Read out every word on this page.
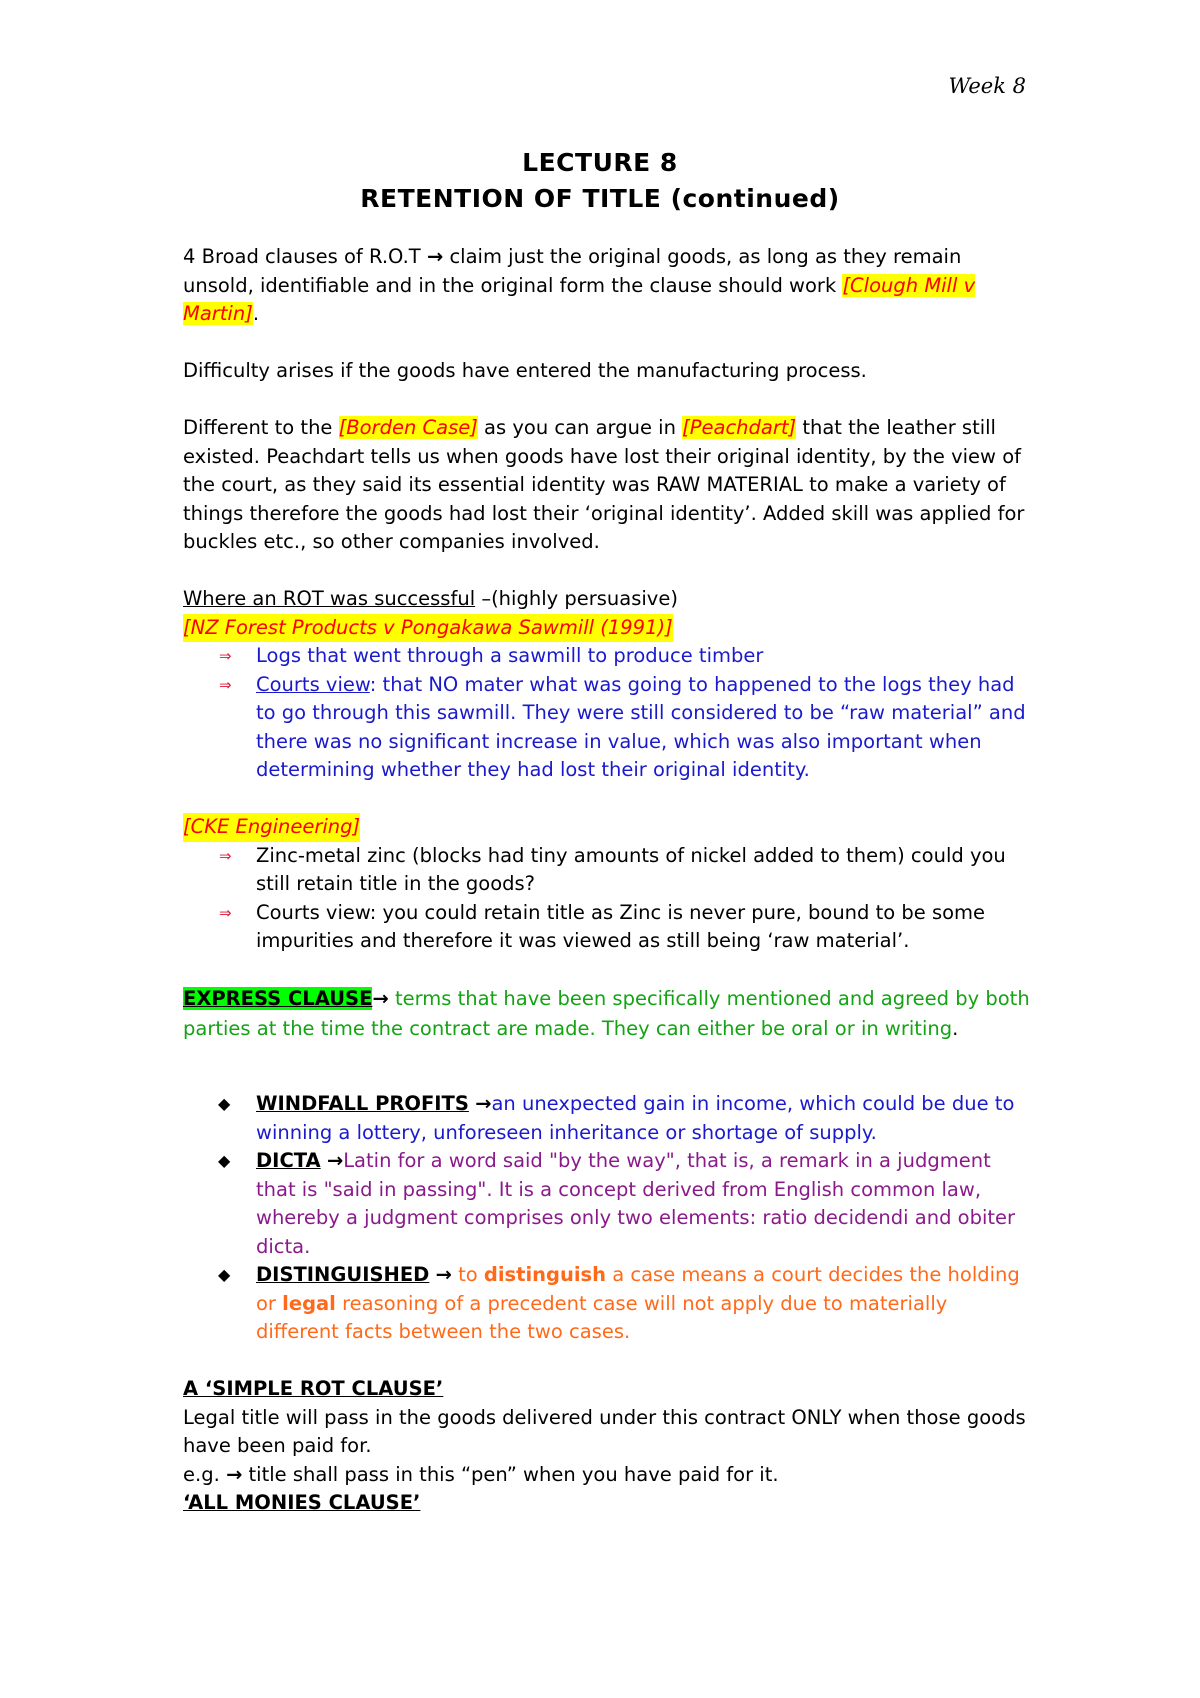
Week 8
LECTURE 8
RETENTION OF TITLE (continued)

4 Broad clauses of R.O.T → claim just the original goods, as long as they remain unsold, identifiable and in the original form the clause should work [Clough Mill v Martin].

Difficulty arises if the goods have entered the manufacturing process.

Different to the [Borden Case] as you can argue in [Peachdart] that the leather still existed. Peachdart tells us when goods have lost their original identity, by the view of the court, as they said its essential identity was RAW MATERIAL to make a variety of things therefore the goods had lost their ‘original identity’. Added skill was applied for buckles etc., so other companies involved.

Where an ROT was successful –(highly persuasive)

[NZ Forest Products v Pongakawa Sawmill (1991)]

⇒ Logs that went through a sawmill to produce timber
⇒ Courts view: that NO mater what was going to happened to the logs they had to go through this sawmill. They were still considered to be “raw material” and there was no significant increase in value, which was also important when determining whether they had lost their original identity.

[CKE Engineering]

⇒ Zinc-metal zinc (blocks had tiny amounts of nickel added to them) could you still retain title in the goods?
⇒ Courts view: you could retain title as Zinc is never pure, bound to be some impurities and therefore it was viewed as still being ‘raw material’.

EXPRESS CLAUSE→ terms that have been specifically mentioned and agreed by both parties at the time the contract are made. They can either be oral or in writing.

◆ WINDFALL PROFITS →an unexpected gain in income, which could be due to winning a lottery, unforeseen inheritance or shortage of supply.
◆ DICTA →Latin for a word said "by the way", that is, a remark in a judgment that is "said in passing". It is a concept derived from English common law, whereby a judgment comprises only two elements: ratio decidendi and obiter dicta.
◆ DISTINGUISHED → to distinguish a case means a court decides the holding or legal reasoning of a precedent case will not apply due to materially different facts between the two cases.

A ‘SIMPLE ROT CLAUSE’

Legal title will pass in the goods delivered under this contract ONLY when those goods have been paid for.

e.g. → title shall pass in this “pen” when you have paid for it.

‘ALL MONIES CLAUSE’
